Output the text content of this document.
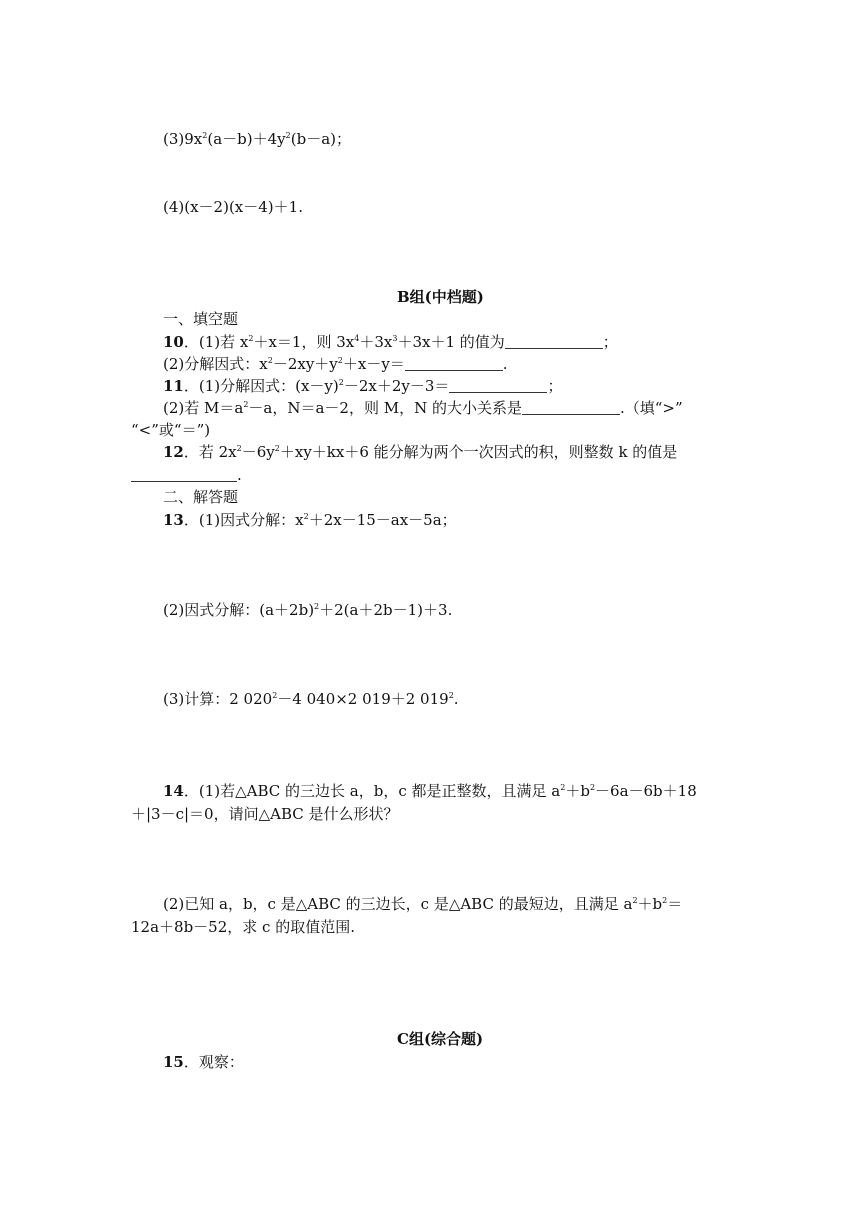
$(3)9x^2(a-b)+4y^2(b-a)$；
(4)(x－2)(x－4)＋1.
B组(中档题)
一、填空题
10．(1)若 $x^2+x=1$，则 $3x^4+3x^3+3x+1$ 的值为	；
(2)分解因式：$x^2-2xy+y^2+x-y=$	.
11．(1)分解因式：$(x-y)^2-2x+2y-3=$	；
(2)若 $M=a^2-a$，N＝a－2，则 M，N 的大小关系是	.（填“>”
“<”或“＝”)
12．若 $2x^2-6y^2+xy+kx+6$ 能分解为两个一次因式的积，则整数 k 的值是
.
二、解答题
13．(1)因式分解：$x^2+2x-15-ax-5a$；
(2)因式分解：$(a+2b)^2+2(a+2b-1)+3$.
(3)计算：2 $020^2-4$ 040×2 019＋2 $019^2$.
14．(1)若△ABC 的三边长 a，b，c 都是正整数，且满足 $a^2+b^2-6a-6b+18$
＋|3－c|＝0，请问△ABC 是什么形状？
(2)已知 a，b，c 是△ABC 的三边长，c 是△ABC 的最短边，且满足 $a^2+b^2=$
12a＋8b－52，求 c 的取值范围.
C组(综合题)
15．观察：
